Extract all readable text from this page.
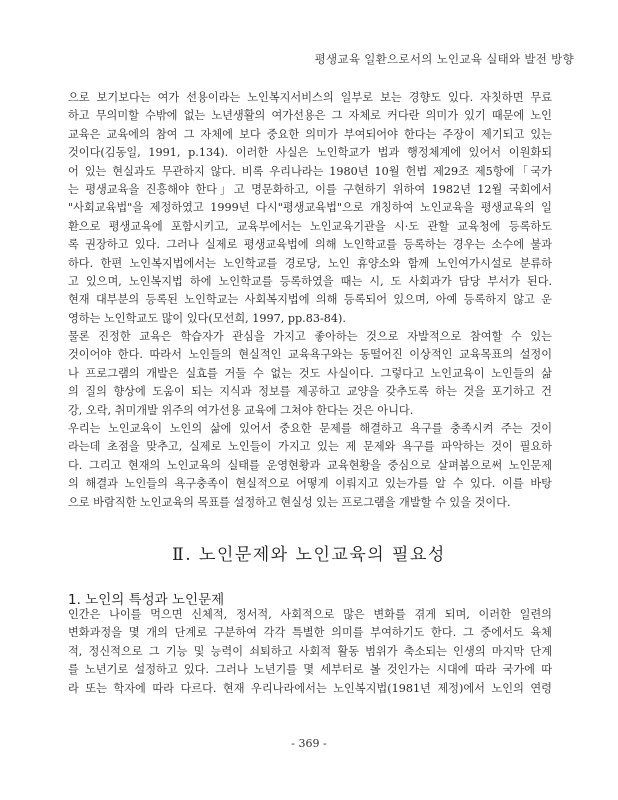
평생교육 일환으로서의 노인교육 실태와 발전 방향
으로 보기보다는 여가 선용이라는 노인복지서비스의 일부로 보는 경향도 있다. 자칫하면 무료
하고 무의미할 수밖에 없는 노년생활의 여가선용은 그 자체로 커다란 의미가 있기 때문에 노인
교육은 교육에의 참여 그 자체에 보다 중요한 의미가 부여되어야 한다는 주장이 제기되고 있는
것이다(김동일, 1991, p.134). 이러한 사실은 노인학교가 법과 행정체계에 있어서 이원화되
어 있는 현실과도 무관하지 않다. 비록 우리나라는 1980년 10월 헌법 제29조 제5항에「국가
는 평생교육을 진흥해야 한다」고 명문화하고, 이를 구현하기 위하여 1982년 12월 국회에서
"사회교육법"을 제정하였고 1999년 다시"평생교육법"으로 개칭하여 노인교육을 평생교육의 일
환으로 평생교육에 포함시키고, 교육부에서는 노인교육기관을 시·도 관할 교육청에 등록하도
록 권장하고 있다. 그러나 실제로 평생교육법에 의해 노인학교를 등록하는 경우는 소수에 불과
하다. 한편 노인복지법에서는 노인학교를 경로당, 노인 휴양소와 함께 노인여가시설로 분류하
고 있으며, 노인복지법 하에 노인학교를 등록하였을 때는 시, 도 사회과가 담당 부서가 된다.
현재 대부분의 등록된 노인학교는 사회복지법에 의해 등록되어 있으며, 아예 등록하지 않고 운
영하는 노인학교도 많이 있다(모선희, 1997, pp.83-84).
물론 진정한 교육은 학습자가 관심을 가지고 좋아하는 것으로 자발적으로 참여할 수 있는
것이어야 한다. 따라서 노인들의 현실적인 교육욕구와는 동떨어진 이상적인 교육목표의 설정이
나 프로그램의 개발은 실효를 거둘 수 없는 것도 사실이다. 그렇다고 노인교육이 노인들의 삶
의 질의 향상에 도움이 되는 지식과 정보를 제공하고 교양을 갖추도록 하는 것을 포기하고 건
강, 오락, 취미개발 위주의 여가선용 교육에 그쳐야 한다는 것은 아니다.
우리는 노인교육이 노인의 삶에 있어서 중요한 문제를 해결하고 욕구를 충족시켜 주는 것이
라는데 초점을 맞추고, 실제로 노인들이 가지고 있는 제 문제와 욕구를 파악하는 것이 필요하
다. 그리고 현재의 노인교육의 실태를 운영현황과 교육현황을 중심으로 살펴봄으로써 노인문제
의 해결과 노인들의 욕구충족이 현실적으로 어떻게 이뤄지고 있는가를 알 수 있다. 이를 바탕
으로 바람직한 노인교육의 목표를 설정하고 현실성 있는 프로그램을 개발할 수 있을 것이다.
Ⅱ. 노인문제와 노인교육의 필요성
1. 노인의 특성과 노인문제
인간은 나이를 먹으면 신체적, 정서적, 사회적으로 많은 변화를 겪게 되며, 이러한 일련의
변화과정을 몇 개의 단계로 구분하여 각각 특별한 의미를 부여하기도 한다. 그 중에서도 육체
적, 정신적으로 그 기능 및 능력이 쇠퇴하고 사회적 활동 범위가 축소되는 인생의 마지막 단계
를 노년기로 설정하고 있다. 그러나 노년기를 몇 세부터로 볼 것인가는 시대에 따라 국가에 따
라 또는 학자에 따라 다르다. 현재 우리나라에서는 노인복지법(1981년 제정)에서 노인의 연령
- 369 -
